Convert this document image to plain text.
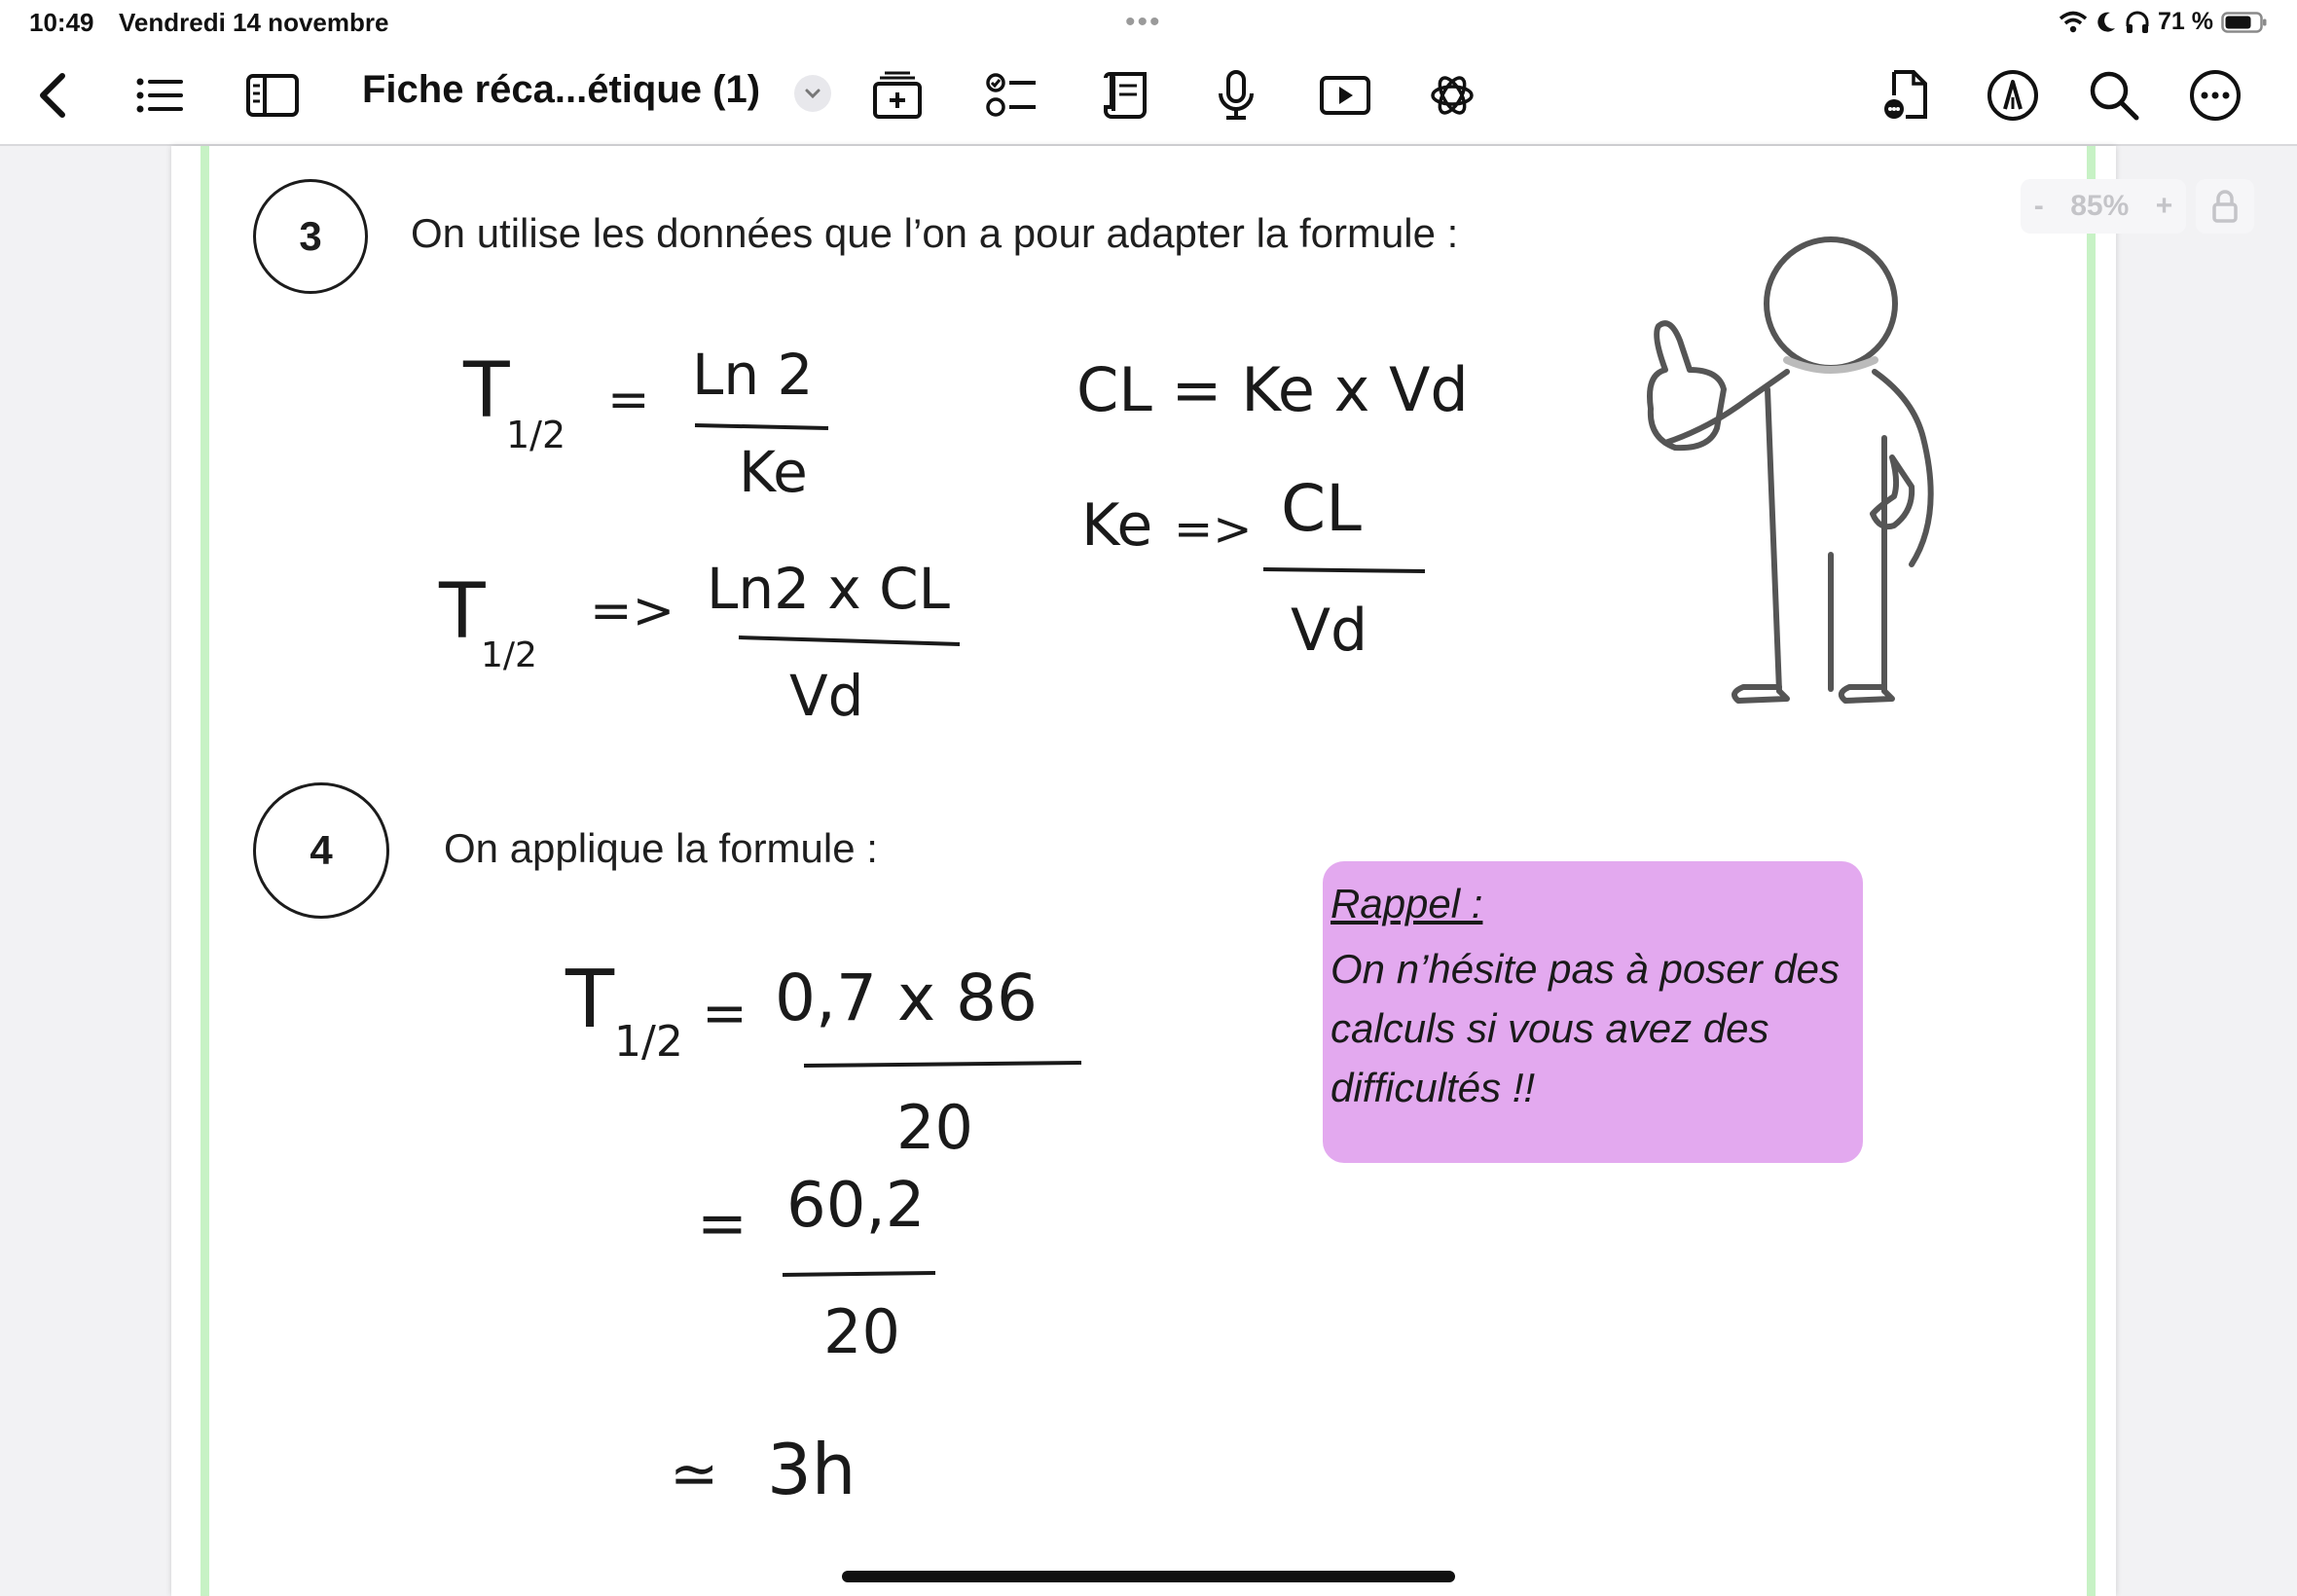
10:49 Vendredi 14 novembre	•••	71 %
Fiche réca...étique (1)
3	On utilise les données que l’on a pour adapter la formule :
4	On applique la formule :
T
1/2
= Ln 2
Ke
T
1/2
=> Ln2 x CL
Vd
CL = Ke x Vd
Ke => CL
Vd
T 1/2 = 0,7 x 86
20
= 60,2
20
≃ 3h
Rappel :
On n’hésite pas à poser des calculs si vous avez des difficultés !!
- 85% +
